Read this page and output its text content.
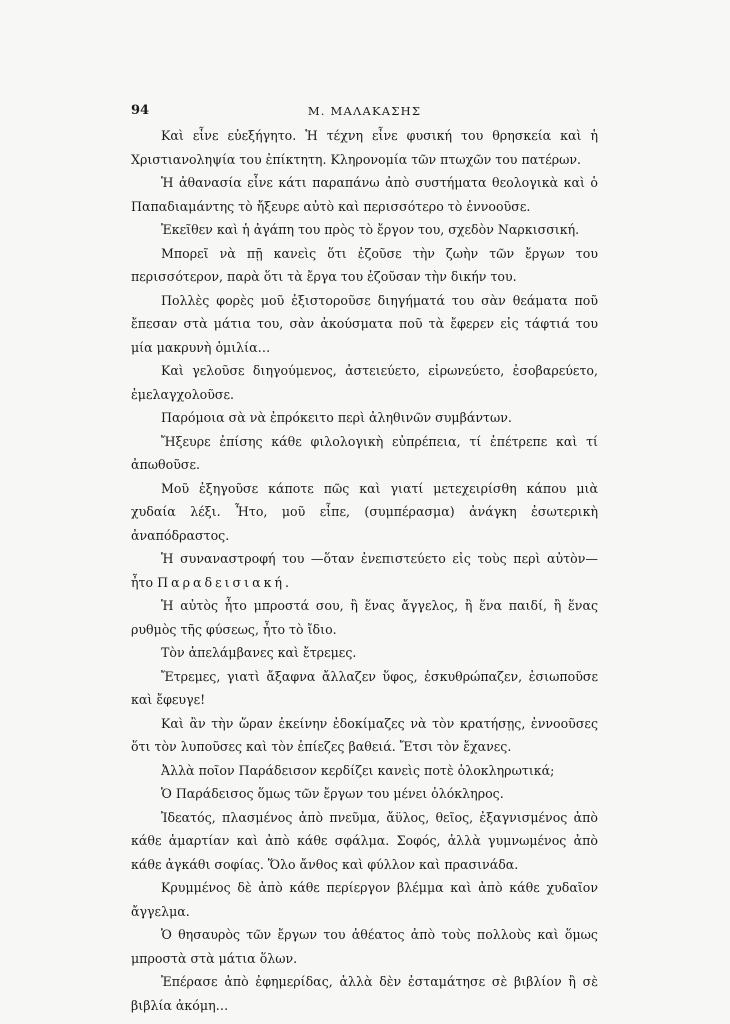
94	Μ. ΜΑΛΑΚΑΣΗΣ

Καὶ εἶνε εὐεξήγητο. Ἡ τέχνη εἶνε φυσική του θρησκεία καὶ ἡ Χριστιανοληψία του ἐπίκτητη. Κληρονομία τῶν πτωχῶν του πατέρων.

Ἡ ἀθανασία εἶνε κάτι παραπάνω ἀπὸ συστήματα θεολογικὰ καὶ ὁ Παπαδιαμάντης τὸ ἤξευρε αὐτὸ καὶ περισσότερο τὸ ἐννοοῦσε.

Ἐκεῖθεν καὶ ἡ ἀγάπη του πρὸς τὸ ἔργον του, σχεδὸν Ναρκισσική.

Μπορεῖ νὰ πῇ κανεὶς ὅτι ἐζοῦσε τὴν ζωὴν τῶν ἔργων του περισσότερον, παρὰ ὅτι τὰ ἔργα του ἐζοῦσαν τὴν δικήν του.

Πολλὲς φορὲς μοῦ ἐξιστοροῦσε διηγήματά του σὰν θεάματα ποῦ ἔπεσαν στὰ μάτια του, σὰν ἀκούσματα ποῦ τὰ ἔφερεν εἰς τάφτιά του μία μακρυνὴ ὁμιλία…

Καὶ γελοῦσε διηγούμενος, ἀστειεύετο, εἰρωνεύετο, ἐσοβαρεύετο, ἐμελαγχολοῦσε.

Παρόμοια σὰ νὰ ἐπρόκειτο περὶ ἀληθινῶν συμβάντων.

Ἤξευρε ἐπίσης κάθε φιλολογικὴ εὐπρέπεια, τί ἐπέτρεπε καὶ τί ἀπωθοῦσε.

Μοῦ ἐξηγοῦσε κάποτε πῶς καὶ γιατί μετεχειρίσθη κάπου μιὰ χυδαία λέξι. Ἦτο, μοῦ εἶπε, (συμπέρασμα) ἀνάγκη ἐσωτερικὴ ἀναπόδραστος.

Ἡ συναναστροφή του —ὅταν ἐνεπιστεύετο εἰς τοὺς περὶ αὐτὸν— ἦτο Παραδεισιακή.

Ἡ αὐτὸς ἦτο μπροστά σου, ἢ ἕνας ἄγγελος, ἢ ἕνα παιδί, ἢ ἕνας ρυθμὸς τῆς φύσεως, ἦτο τὸ ἴδιο.

Τὸν ἀπελάμβανες καὶ ἔτρεμες.

Ἔτρεμες, γιατὶ ἄξαφνα ἄλλαζεν ὕφος, ἐσκυθρώπαζεν, ἐσιωποῦσε καὶ ἔφευγε!

Καὶ ἂν τὴν ὥραν ἐκείνην ἐδοκίμαζες νὰ τὸν κρατήσῃς, ἐννοοῦσες ὅτι τὸν λυποῦσες καὶ τὸν ἐπίεζες βαθειά. Ἔτσι τὸν ἔχανες.

Ἀλλὰ ποῖον Παράδεισον κερδίζει κανεὶς ποτὲ ὁλοκληρωτικά;

Ὁ Παράδεισος ὅμως τῶν ἔργων του μένει ὁλόκληρος.

Ἰδεατός, πλασμένος ἀπὸ πνεῦμα, ἄϋλος, θεῖος, ἐξαγνισμένος ἀπὸ κάθε ἁμαρτίαν καὶ ἀπὸ κάθε σφάλμα. Σοφός, ἀλλὰ γυμνωμένος ἀπὸ κάθε ἀγκάθι σοφίας. Ὅλο ἄνθος καὶ φύλλον καὶ πρασινάδα.

Κρυμμένος δὲ ἀπὸ κάθε περίεργον βλέμμα καὶ ἀπὸ κάθε χυδαῖον ἄγγελμα.

Ὁ θησαυρὸς τῶν ἔργων του ἀθέατος ἀπὸ τοὺς πολλοὺς καὶ ὅμως μπροστὰ στὰ μάτια ὅλων.

Ἐπέρασε ἀπὸ ἐφημερίδας, ἀλλὰ δὲν ἐσταμάτησε σὲ βιβλίον ἢ σὲ βιβλία ἀκόμη…
